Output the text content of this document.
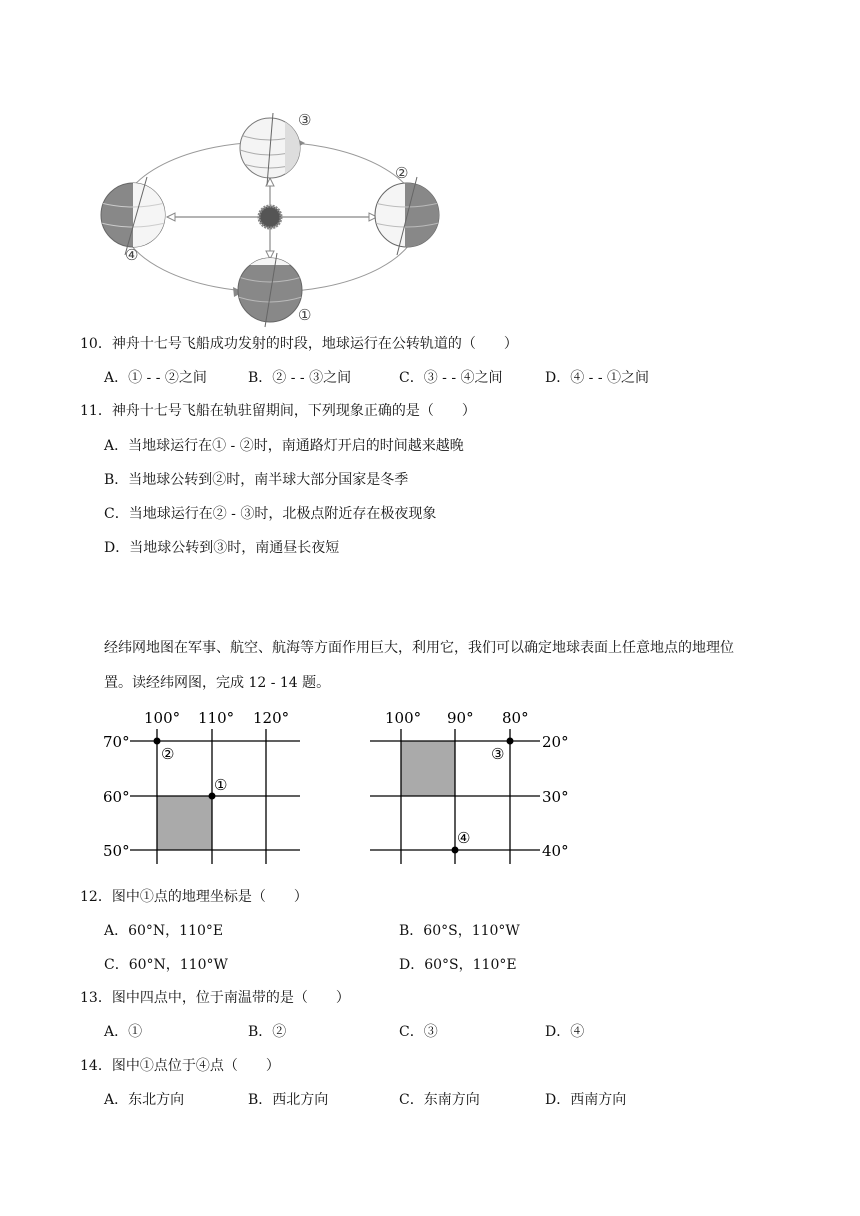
③
②
④
①
10．神舟十七号飞船成功发射的时段，地球运行在公转轨道的（　　）
A．① - - ②之间	B．② - - ③之间	C．③ - - ④之间	D．④ - - ①之间
11．神舟十七号飞船在轨驻留期间，下列现象正确的是（　　）
A．当地球运行在① - ②时，南通路灯开启的时间越来越晚
B．当地球公转到②时，南半球大部分国家是冬季
C．当地球运行在② - ③时，北极点附近存在极夜现象
D．当地球公转到③时，南通昼长夜短
经纬网地图在军事、航空、航海等方面作用巨大，利用它，我们可以确定地球表面上任意地点的地理位
置。读经纬网图，完成 12 - 14 题。
100° 110° 120°
70°
60°
50°
②
①
100° 90° 80°
20°
30°
40°
③
④
12．图中①点的地理坐标是（　　）
A．60°N，110°E	B．60°S，110°W
C．60°N，110°W	D．60°S，110°E
13．图中四点中，位于南温带的是（　　）
A．①	B．②	C．③	D．④
14．图中①点位于④点（　　）
A．东北方向	B．西北方向	C．东南方向	D．西南方向
